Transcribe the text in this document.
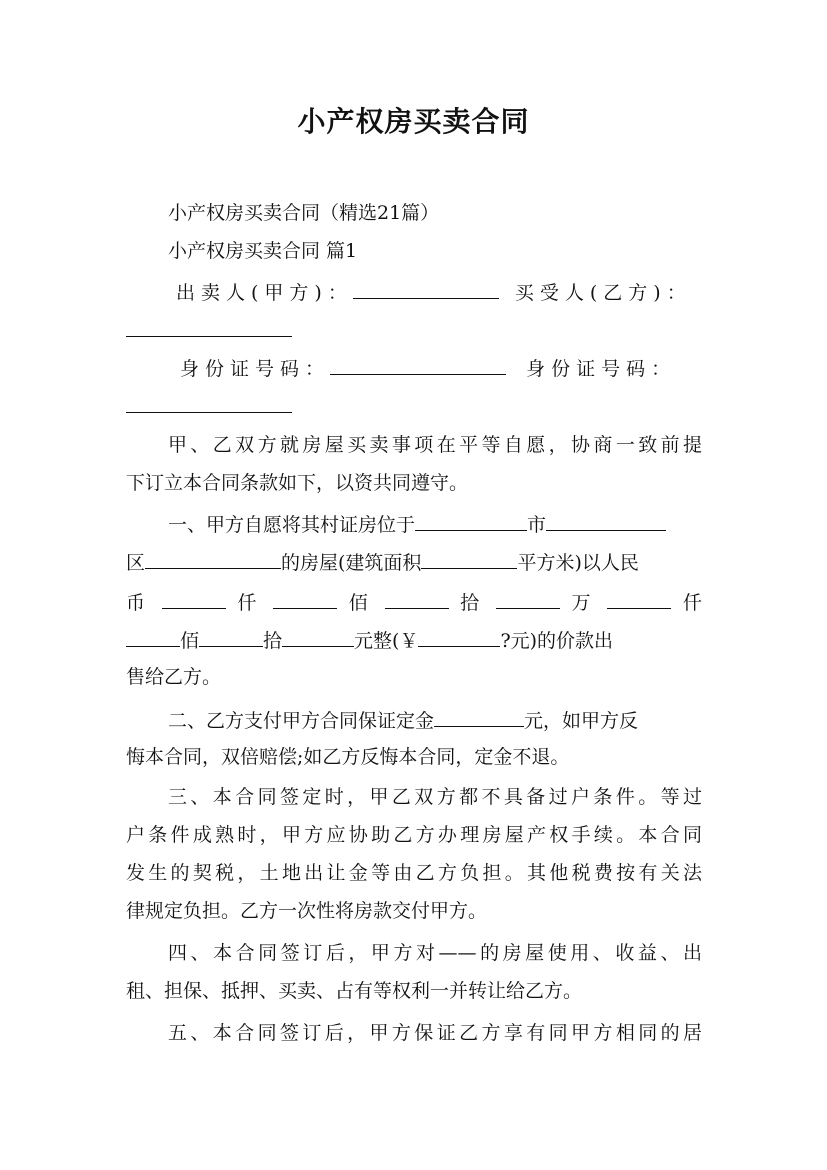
小产权房买卖合同
小产权房买卖合同（精选21篇）
小产权房买卖合同 篇1
出卖人(甲方)：	买受人(乙方)：
身份证号码：	身份证号码：
甲、乙双方就房屋买卖事项在平等自愿，协商一致前提
下订立本合同条款如下，以资共同遵守。
一、甲方自愿将其村证房位于	市
区	的房屋(建筑面积	平方米)以人民
币	仟	佰	拾	万	仟
佰	拾	元整(￥	?元)的价款出
售给乙方。
二、乙方支付甲方合同保证定金	元，如甲方反
悔本合同，双倍赔偿;如乙方反悔本合同，定金不退。
三、本合同签定时，甲乙双方都不具备过户条件。等过
户条件成熟时，甲方应协助乙方办理房屋产权手续。本合同
发生的契税，土地出让金等由乙方负担。其他税费按有关法
律规定负担。乙方一次性将房款交付甲方。
四、本合同签订后，甲方对——的房屋使用、收益、出
租、担保、抵押、买卖、占有等权利一并转让给乙方。
五、本合同签订后，甲方保证乙方享有同甲方相同的居
